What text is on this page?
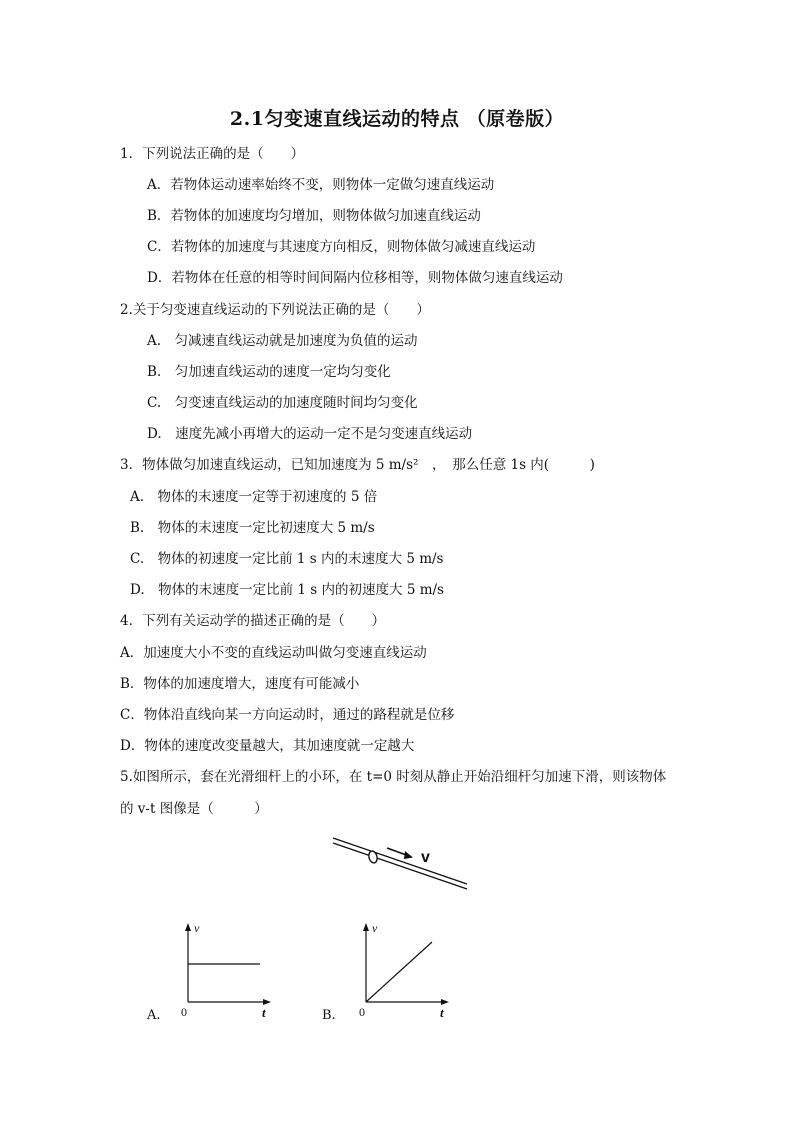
2.1匀变速直线运动的特点 （原卷版）
1．下列说法正确的是（　　）
A．若物体运动速率始终不变，则物体一定做匀速直线运动
B．若物体的加速度均匀增加，则物体做匀加速直线运动
C．若物体的加速度与其速度方向相反，则物体做匀减速直线运动
D．若物体在任意的相等时间间隔内位移相等，则物体做匀速直线运动
2.关于匀变速直线运动的下列说法正确的是（　　）
A.　匀减速直线运动就是加速度为负值的运动
B.　匀加速直线运动的速度一定均匀变化
C.　匀变速直线运动的加速度随时间均匀变化
D.　速度先减小再增大的运动一定不是匀变速直线运动
3．物体做匀加速直线运动，已知加速度为 5 m/s²　，　那么任意 1s 内(　　　)
A.　物体的末速度一定等于初速度的 5 倍
B.　物体的末速度一定比初速度大 5 m/s
C.　物体的初速度一定比前 1 s 内的末速度大 5 m/s
D.　物体的末速度一定比前 1 s 内的初速度大 5 m/s
4．下列有关运动学的描述正确的是（　　）
A．加速度大小不变的直线运动叫做匀变速直线运动
B．物体的加速度增大，速度有可能减小
C．物体沿直线向某一方向运动时，通过的路程就是位移
D．物体的速度改变量越大，其加速度就一定越大
5.如图所示，套在光滑细杆上的小环，在 t=0 时刻从静止开始沿细杆匀加速下滑，则该物体
的 v-t 图像是（　　　）
v
v
t
0
A.
v
t
0
B.
